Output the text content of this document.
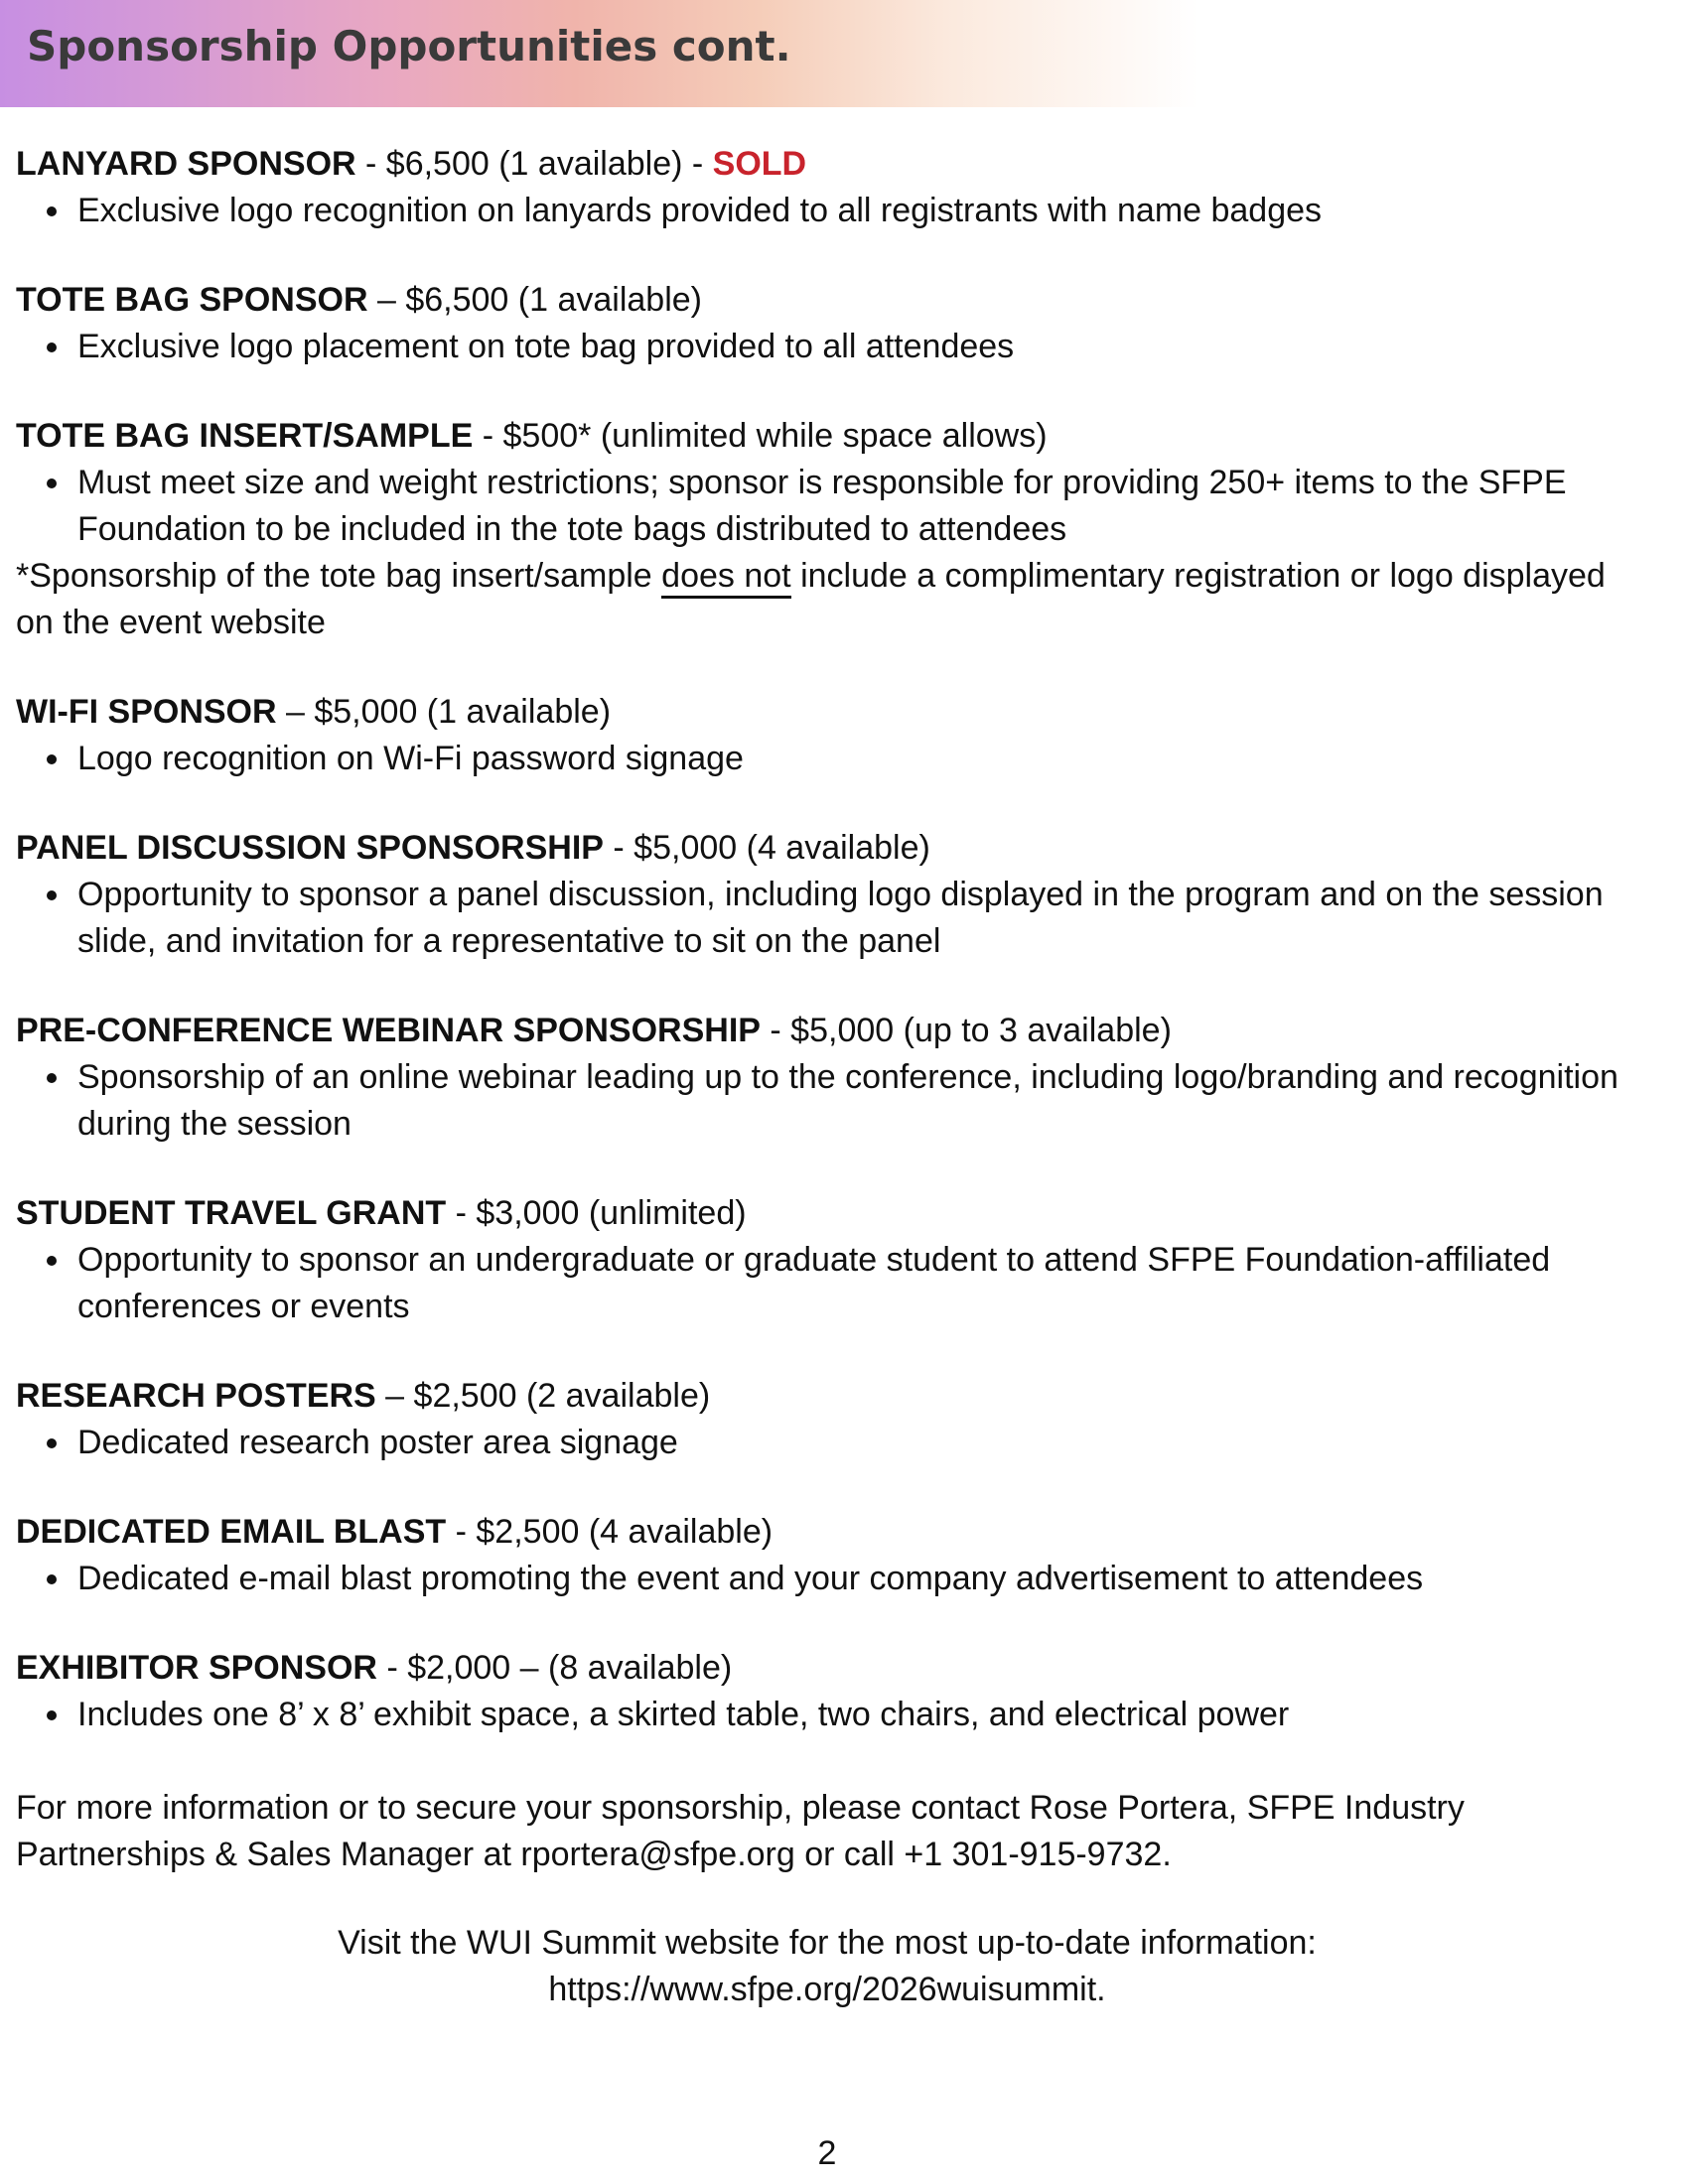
Sponsorship Opportunities cont.
LANYARD SPONSOR - $6,500 (1 available) - SOLD
Exclusive logo recognition on lanyards provided to all registrants with name badges
TOTE BAG SPONSOR – $6,500 (1 available)
Exclusive logo placement on tote bag provided to all attendees
TOTE BAG INSERT/SAMPLE - $500* (unlimited while space allows)
Must meet size and weight restrictions; sponsor is responsible for providing 250+ items to the SFPE Foundation to be included in the tote bags distributed to attendees

*Sponsorship of the tote bag insert/sample does not include a complimentary registration or logo displayed on the event website

WI-FI SPONSOR – $5,000 (1 available)
Logo recognition on Wi-Fi password signage
PANEL DISCUSSION SPONSORSHIP - $5,000 (4 available)
Opportunity to sponsor a panel discussion, including logo displayed in the program and on the session slide, and invitation for a representative to sit on the panel
PRE-CONFERENCE WEBINAR SPONSORSHIP - $5,000 (up to 3 available)
Sponsorship of an online webinar leading up to the conference, including logo/branding and recognition during the session
STUDENT TRAVEL GRANT - $3,000 (unlimited)
Opportunity to sponsor an undergraduate or graduate student to attend SFPE Foundation-affiliated conferences or events
RESEARCH POSTERS – $2,500 (2 available)
Dedicated research poster area signage
DEDICATED EMAIL BLAST - $2,500 (4 available)
Dedicated e-mail blast promoting the event and your company advertisement to attendees
EXHIBITOR SPONSOR - $2,000 – (8 available)
Includes one 8’ x 8’ exhibit space, a skirted table, two chairs, and electrical power

For more information or to secure your sponsorship, please contact Rose Portera, SFPE Industry Partnerships & Sales Manager at rportera@sfpe.org or call +1 301-915-9732.

Visit the WUI Summit website for the most up-to-date information:

https://www.sfpe.org/2026wuisummit.

2
